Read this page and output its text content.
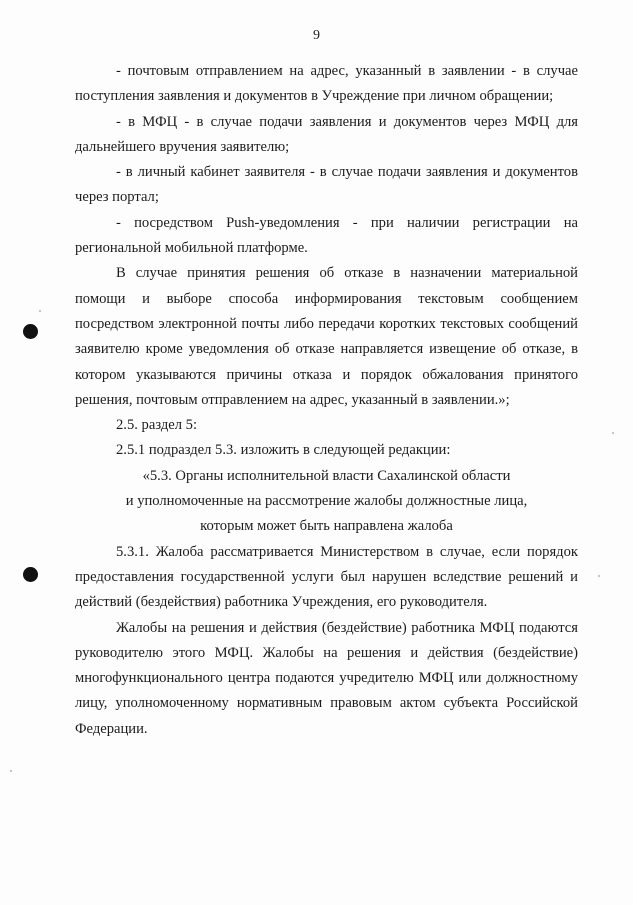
9

- почтовым отправлением на адрес, указанный в заявлении - в случае поступления заявления и документов в Учреждение при личном обращении;

- в МФЦ - в случае подачи заявления и документов через МФЦ для дальнейшего вручения заявителю;

- в личный кабинет заявителя - в случае подачи заявления и документов через портал;

- посредством Push-уведомления - при наличии регистрации на региональной мобильной платформе.

В случае принятия решения об отказе в назначении материальной помощи и выборе способа информирования текстовым сообщением посредством электронной почты либо передачи коротких текстовых сообщений заявителю кроме уведомления об отказе направляется извещение об отказе, в котором указываются причины отказа и порядок обжалования принятого решения, почтовым отправлением на адрес, указанный в заявлении.»;

2.5. раздел 5:

2.5.1 подраздел 5.3. изложить в следующей редакции:

«5.3. Органы исполнительной власти Сахалинской области

и уполномоченные на рассмотрение жалобы должностные лица,

которым может быть направлена жалоба

5.3.1. Жалоба рассматривается Министерством в случае, если порядок предоставления государственной услуги был нарушен вследствие решений и действий (бездействия) работника Учреждения, его руководителя.

Жалобы на решения и действия (бездействие) работника МФЦ подаются руководителю этого МФЦ. Жалобы на решения и действия (бездействие) многофункционального центра подаются учредителю МФЦ или должностному лицу, уполномоченному нормативным правовым актом субъекта Российской Федерации.
